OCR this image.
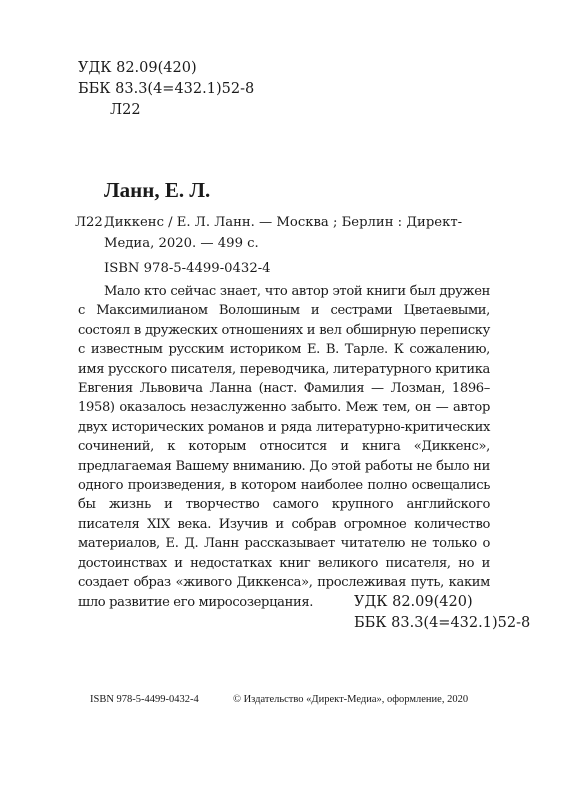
УДК 82.09(420)
ББК 83.3(4=432.1)52-8
Л22
Ланн, Е. Л.
Л22 Диккенс / Е. Л. Ланн. — Москва ; Берлин : Директ-Медиа, 2020. — 499 с.
ISBN 978-5-4499-0432-4

Мало кто сейчас знает, что автор этой книги был дружен с Максимилианом Волошиным и сестрами Цветаевыми, состоял в дружеских отношениях и вел обширную переписку с известным русским историком Е. В. Тарле. К сожалению, имя русского писателя, переводчика, литературного критика Евгения Львовича Ланна (наст. Фамилия — Лозман, 1896–1958) оказалось незаслуженно забыто. Меж тем, он — автор двух исторических романов и ряда литературно-критических сочинений, к которым относится и книга «Диккенс», предлагаемая Вашему вниманию. До этой работы не было ни одного произведения, в котором наиболее полно освещались бы жизнь и творчество самого крупного английского писателя XIX века. Изучив и собрав огромное количество материалов, Е. Д. Ланн рассказывает читателю не только о достоинствах и недостатках книг великого писателя, но и создает образ «живого Диккенса», прослеживая путь, каким шло развитие его миросозерцания.	УДК 82.09(420)
ББК 83.3(4=432.1)52-8
ISBN 978-5-4499-0432-4	© Издательство «Директ-Медиа», оформление, 2020
